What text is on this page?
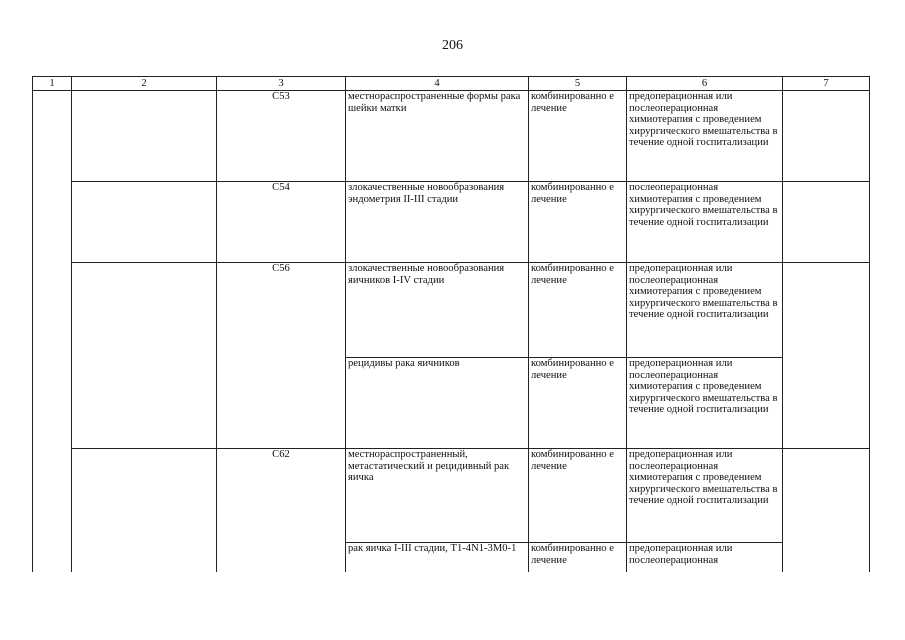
206
1	2	3	4	5	6	7
		C53	местнораспространенные формы рака шейки матки	комбинированно е лечение	предоперационная или послеоперационная химиотерапия с проведением хирургического вмешательства в течение одной госпитализации	
		C54	злокачественные новообразования эндометрия II-III стадии	комбинированно е лечение	послеоперационная химиотерапия с проведением хирургического вмешательства в течение одной госпитализации	
		C56	злокачественные новообразования яичников I-IV стадии	комбинированно е лечение	предоперационная или послеоперационная химиотерапия с проведением хирургического вмешательства в течение одной госпитализации	
			рецидивы рака яичников	комбинированно е лечение	предоперационная или послеоперационная химиотерапия с проведением хирургического вмешательства в течение одной госпитализации	
		C62	местнораспространенный, метастатический и рецидивный рак яичка	комбинированно е лечение	предоперационная или послеоперационная химиотерапия с проведением хирургического вмешательства в течение одной госпитализации	
			рак яичка I-III стадии, T1-4N1-3M0-1	комбинированно е лечение	предоперационная или послеоперационная	
